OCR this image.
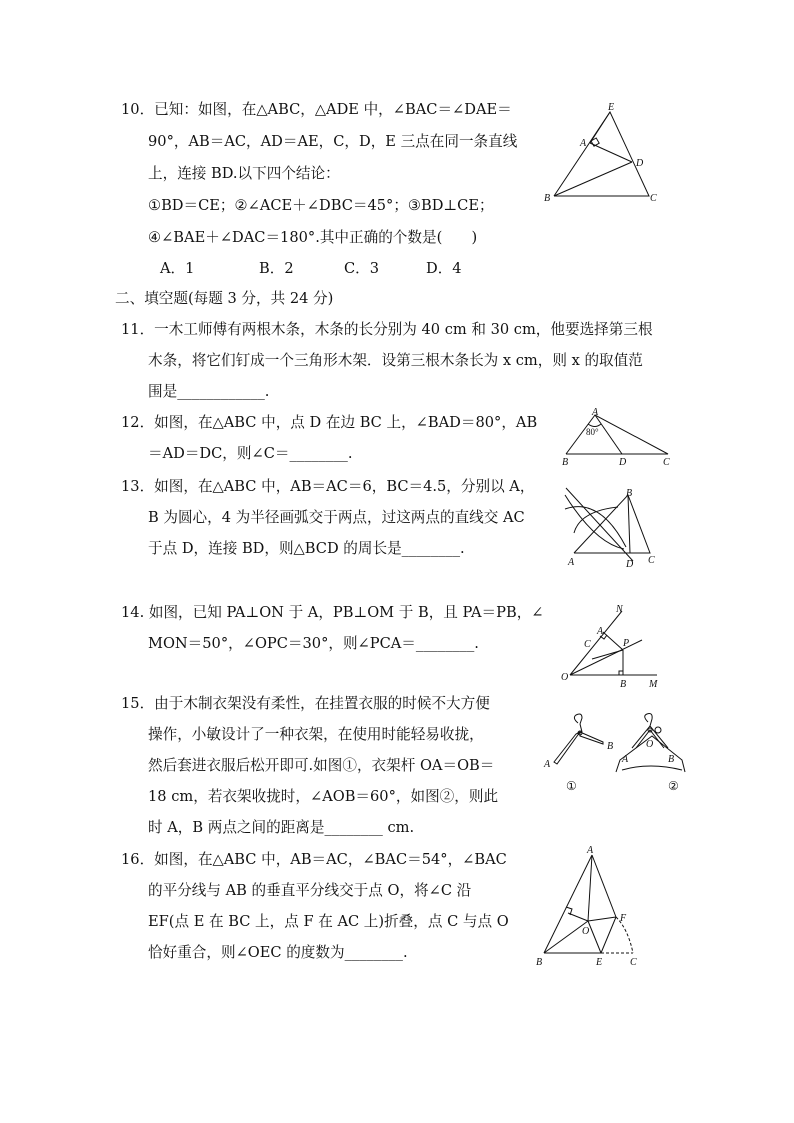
10．已知：如图，在△ABC，△ADE 中，∠BAC＝∠DAE＝
90°，AB＝AC，AD＝AE，C，D，E 三点在同一条直线
上，连接 BD.以下四个结论：
①BD＝CE；②∠ACE＋∠DBC＝45°；③BD⊥CE；
④∠BAE＋∠DAC＝180°.其中正确的个数是(　　)
A．1	B．2	C．3	D．4
E
A
D
B	C
二、填空题(每题 3 分，共 24 分)
11．一木工师傅有两根木条，木条的长分别为 40 cm 和 30 cm，他要选择第三根
木条，将它们钉成一个三角形木架．设第三根木条长为 x cm，则 x 的取值范
围是____________.
12．如图，在△ABC 中，点 D 在边 BC 上，∠BAD＝80°，AB
＝AD＝DC，则∠C＝________.
A
80°
B	D	C
13．如图，在△ABC 中，AB＝AC＝6，BC＝4.5，分别以 A，
B 为圆心，4 为半径画弧交于两点，过这两点的直线交 AC
于点 D，连接 BD，则△BCD 的周长是________.
B
A	D C
14. 如图，已知 PA⊥ON 于 A，PB⊥OM 于 B，且 PA＝PB，∠
MON＝50°，∠OPC＝30°，则∠PCA＝________.
N
A
C	P
O
B M
15．由于木制衣架没有柔性，在挂置衣服的时候不大方便
操作，小敏设计了一种衣架，在使用时能轻易收拢，
然后套进衣服后松开即可.如图①，衣架杆 OA＝OB＝
18 cm，若衣架收拢时，∠AOB＝60°，如图②，则此
时 A，B 两点之间的距离是________ cm.
A
B
①
A
O
B
②
16．如图，在△ABC 中，AB＝AC，∠BAC＝54°，∠BAC
的平分线与 AB 的垂直平分线交于点 O，将∠C 沿
EF(点 E 在 BC 上，点 F 在 AC 上)折叠，点 C 与点 O
恰好重合，则∠OEC 的度数为________.
A
O
F
B	E	C
